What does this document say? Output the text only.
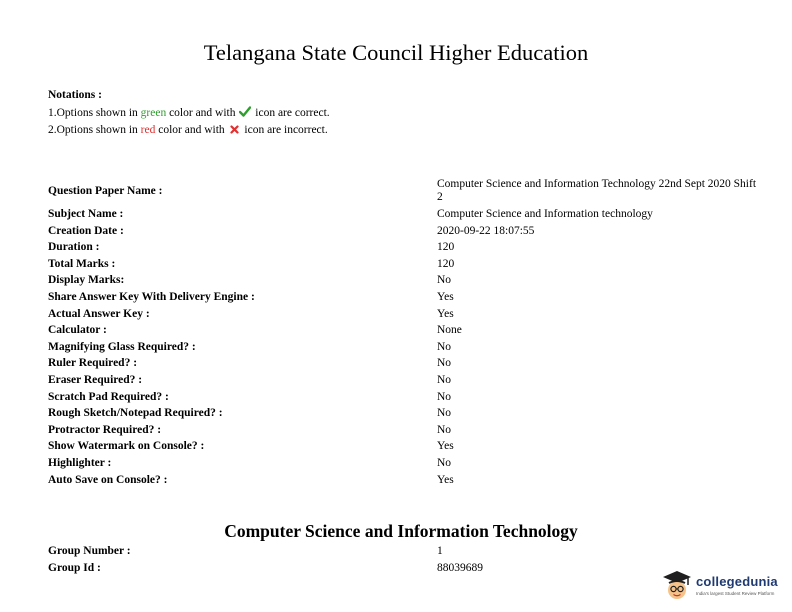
Telangana State Council Higher Education
Notations :
1.Options shown in green color and with  icon are correct.
2.Options shown in red color and with  icon are incorrect.
Question Paper Name :
Computer Science and Information Technology 22nd Sept 2020 Shift 2
Subject Name :	Computer Science and Information technology
Creation Date :	2020-09-22 18:07:55
Duration :	120
Total Marks :	120
Display Marks:	No
Share Answer Key With Delivery Engine :	Yes
Actual Answer Key :	Yes
Calculator :	None
Magnifying Glass Required? :	No
Ruler Required? :	No
Eraser Required? :	No
Scratch Pad Required? :	No
Rough Sketch/Notepad Required? :	No
Protractor Required? :	No
Show Watermark on Console? :	Yes
Highlighter :	No
Auto Save on Console? :	Yes
Computer Science and Information Technology
Group Number :	1
Group Id :	88039689
collegedunia
India's largest Student Review Platform
